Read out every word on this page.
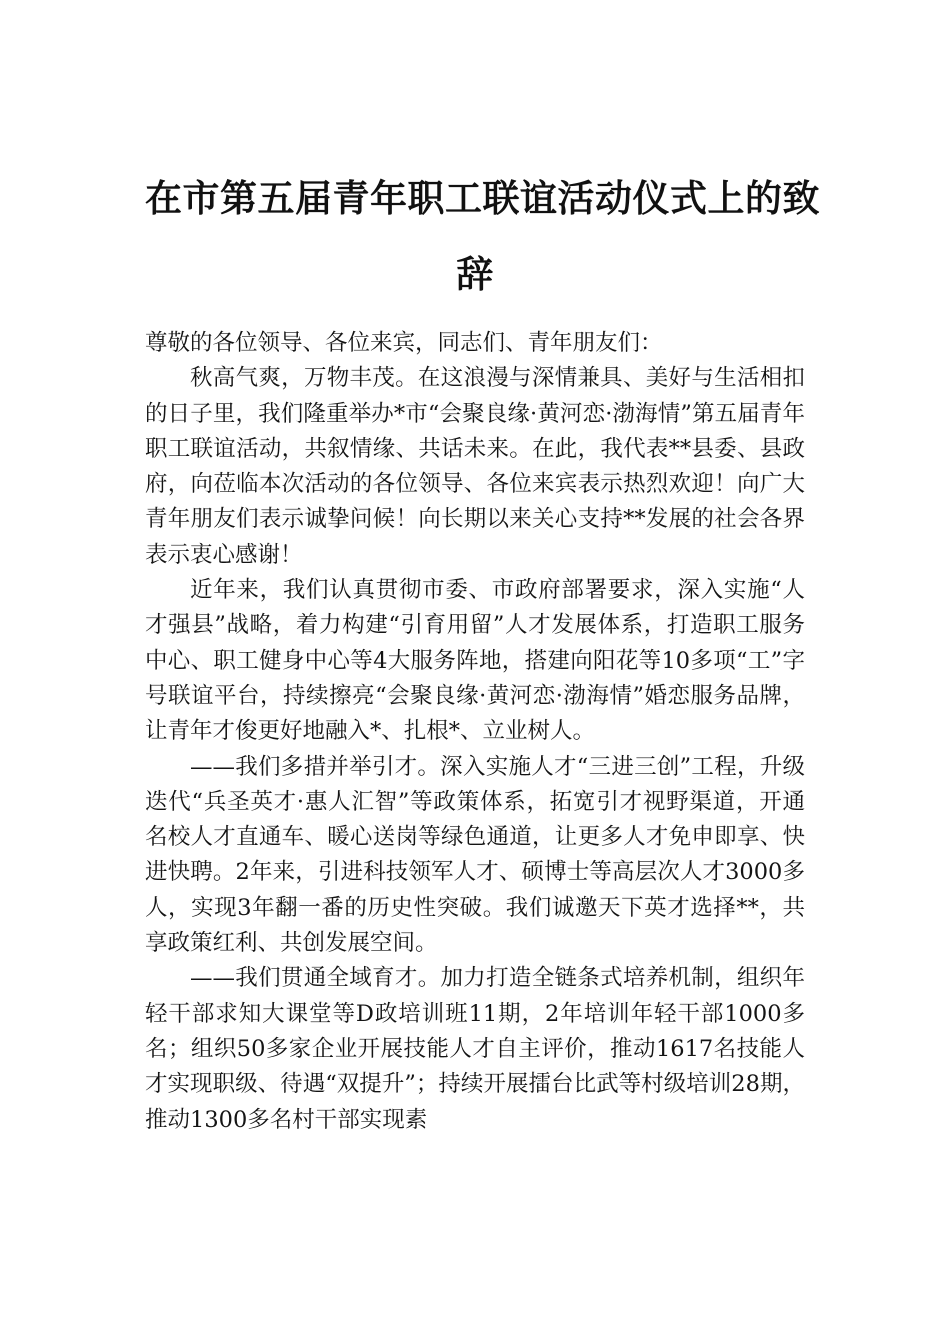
在市第五届青年职工联谊活动仪式上的致
辞

尊敬的各位领导、各位来宾，同志们、青年朋友们：

秋高气爽，万物丰茂。在这浪漫与深情兼具、美好与生活相扣的日子里，我们隆重举办*市“会聚良缘·黄河恋·渤海情”第五届青年职工联谊活动，共叙情缘、共话未来。在此，我代表**县委、县政府，向莅临本次活动的各位领导、各位来宾表示热烈欢迎！向广大青年朋友们表示诚挚问候！向长期以来关心支持**发展的社会各界表示衷心感谢！

近年来，我们认真贯彻市委、市政府部署要求，深入实施“人才强县”战略，着力构建“引育用留”人才发展体系，打造职工服务中心、职工健身中心等4大服务阵地，搭建向阳花等10多项“工”字号联谊平台，持续擦亮“会聚良缘·黄河恋·渤海情”婚恋服务品牌，让青年才俊更好地融入*、扎根*、立业树人。

——我们多措并举引才。深入实施人才“三进三创”工程，升级迭代“兵圣英才·惠人汇智”等政策体系，拓宽引才视野渠道，开通名校人才直通车、暖心送岗等绿色通道，让更多人才免申即享、快进快聘。2年来，引进科技领军人才、硕博士等高层次人才3000多人，实现3年翻一番的历史性突破。我们诚邀天下英才选择**，共享政策红利、共创发展空间。

——我们贯通全域育才。加力打造全链条式培养机制，组织年轻干部求知大课堂等D政培训班11期，2年培训年轻干部1000多名；组织50多家企业开展技能人才自主评价，推动1617名技能人才实现职级、待遇“双提升”；持续开展擂台比武等村级培训28期，推动1300多名村干部实现素
